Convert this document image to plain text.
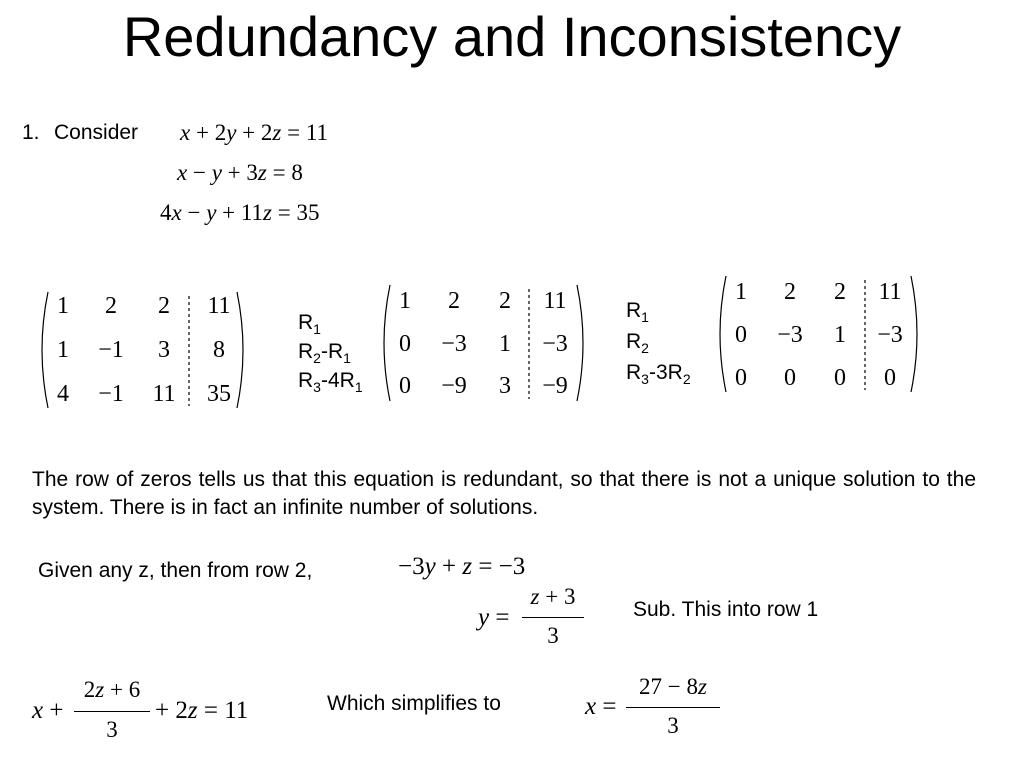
Redundancy and Inconsistency
1. Consider x + 2y + 2z = 11
x − y + 3z = 8
4x − y + 11z = 35
1	2	2	11
1	−1	3	8
4	−1	11	35
$R_1$
$R_2-R_1$
$R_3-4R_1$
1	2	2	11
0	−3	1	−3
0	−9	3	−9
$R_1$
$R_2$
$R_3-3R_2$
1	2	2	11
0	−3	1	−3
0	0	0	0
The row of zeros tells us that this equation is redundant, so that there is not a unique solution to the system. There is in fact an infinite number of solutions.
Given any z, then from row 2,	−3y + z = −3
y =
z + 3
3
Sub. This into row 1
x +
2z + 6
3
+ 2z = 11	Which simplifies to	x =
27 − 8z
3
